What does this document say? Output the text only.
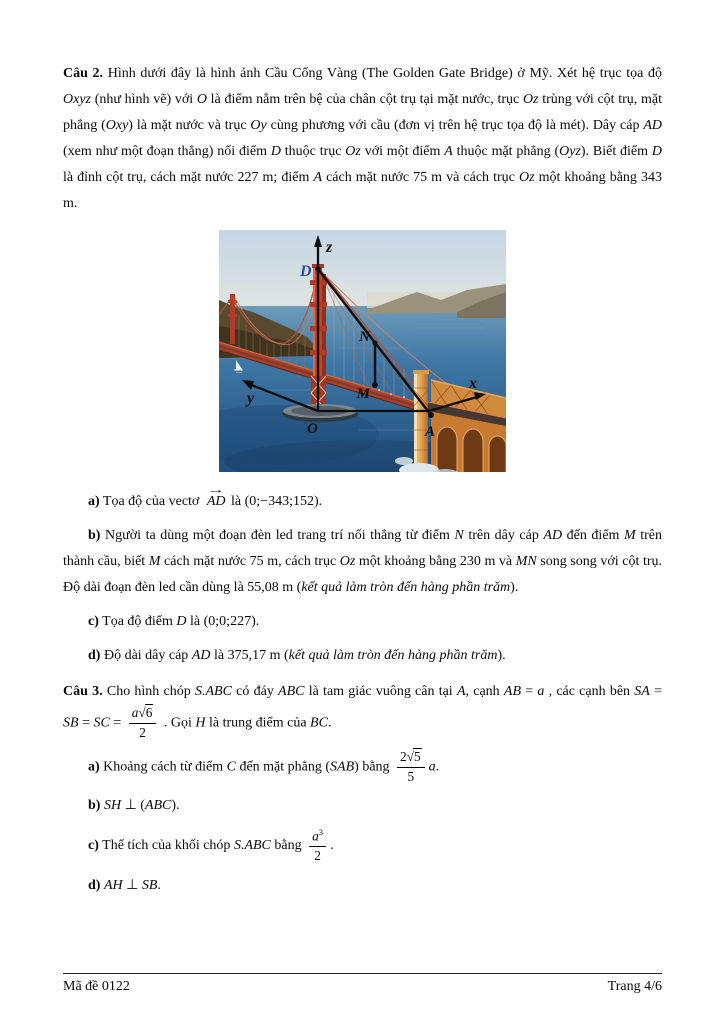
Câu 2. Hình dưới đây là hình ảnh Cầu Cổng Vàng (The Golden Gate Bridge) ở Mỹ. Xét hệ trục tọa độ Oxyz (như hình vẽ) với O là điểm nằm trên bệ của chân cột trụ tại mặt nước, trục Oz trùng với cột trụ, mặt phẳng (Oxy) là mặt nước và trục Oy cùng phương với cầu (đơn vị trên hệ trục tọa độ là mét). Dây cáp AD (xem như một đoạn thẳng) nối điểm D thuộc trục Oz với một điểm A thuộc mặt phẳng (Oyz). Biết điểm D là đỉnh cột trụ, cách mặt nước 227 m; điểm A cách mặt nước 75 m và cách trục Oz một khoảng bằng 343 m.

z
D
N
M
x
y
O	A

a) Tọa độ của vectơ → AD là (0;−343;152).

b) Người ta dùng một đoạn đèn led trang trí nối thẳng từ điểm N trên dây cáp AD đến điểm M trên thành cầu, biết M cách mặt nước 75 m, cách trục Oz một khoảng bằng 230 m và MN song song với cột trụ. Độ dài đoạn đèn led cần dùng là 55,08 m (kết quả làm tròn đến hàng phần trăm).

c) Tọa độ điểm D là (0;0;227).

d) Độ dài dây cáp AD là 375,17 m (kết quả làm tròn đến hàng phần trăm).

Câu 3. Cho hình chóp S.ABC có đáy ABC là tam giác vuông cân tại A, cạnh AB = a , các cạnh bên SA = SB = SC = $\frac{a√6}{2}$ . Gọi H là trung điểm của BC.

a) Khoảng cách từ điểm C đến mặt phẳng (SAB) bằng $\frac{2√5}{5} a$.

b) SH ⊥ (ABC).

c) Thể tích của khối chóp S.ABC bằng $\frac{a^3}{2}$ .

d) AH ⊥ SB.

Mã đề 0122	Trang 4/6
